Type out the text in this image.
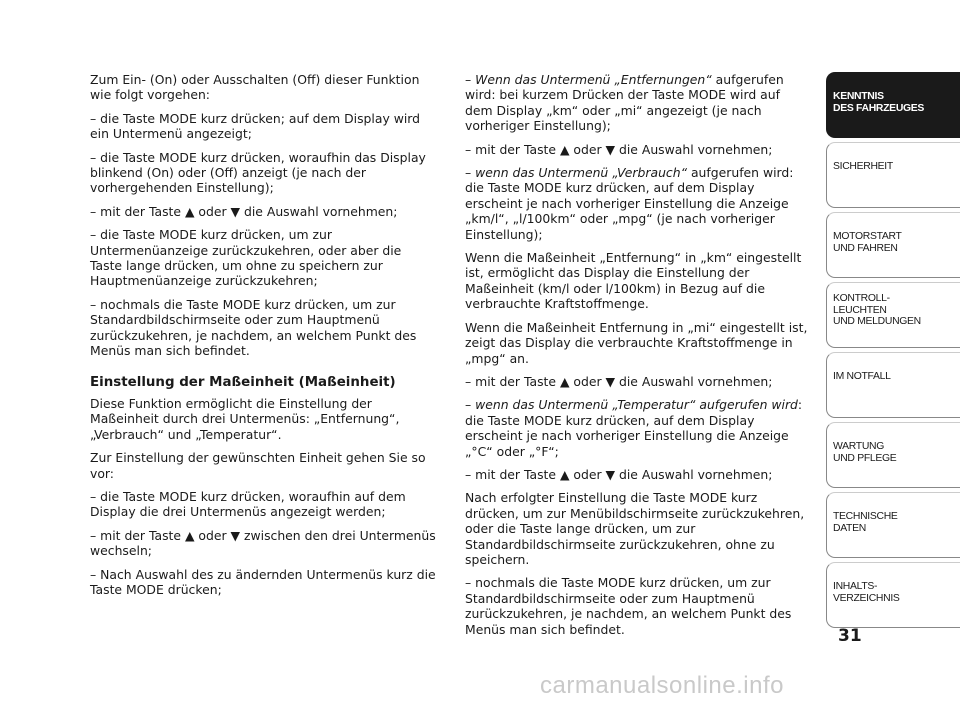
Zum Ein- (On) oder Ausschalten (Off) dieser Funktion wie folgt vorgehen:

– die Taste MODE kurz drücken; auf dem Display wird ein Untermenü angezeigt;

– die Taste MODE kurz drücken, woraufhin das Display blinkend (On) oder (Off) anzeigt (je nach der vorhergehenden Einstellung);

– mit der Taste ▲ oder ▼ die Auswahl vornehmen;

– die Taste MODE kurz drücken, um zur Untermenüanzeige zurückzukehren, oder aber die Taste lange drücken, um ohne zu speichern zur Hauptmenüanzeige zurückzukehren;

– nochmals die Taste MODE kurz drücken, um zur Standardbildschirmseite oder zum Hauptmenü zurückzukehren, je nachdem, an welchem Punkt des Menüs man sich befindet.

Einstellung der Maßeinheit (Maßeinheit)

Diese Funktion ermöglicht die Einstellung der Maßeinheit durch drei Untermenüs: „Entfernung“, „Verbrauch“ und „Temperatur“.

Zur Einstellung der gewünschten Einheit gehen Sie so vor:

– die Taste MODE kurz drücken, woraufhin auf dem Display die drei Untermenüs angezeigt werden;

– mit der Taste ▲ oder ▼ zwischen den drei Untermenüs wechseln;

– Nach Auswahl des zu ändernden Untermenüs kurz die Taste MODE drücken;

– Wenn das Untermenü „Entfernungen“ aufgerufen wird: bei kurzem Drücken der Taste MODE wird auf dem Display „km“ oder „mi“ angezeigt (je nach vorheriger Einstellung);

– mit der Taste ▲ oder ▼ die Auswahl vornehmen;

– wenn das Untermenü „Verbrauch“ aufgerufen wird: die Taste MODE kurz drücken, auf dem Display erscheint je nach vorheriger Einstellung die Anzeige „km/l“, „l/100km“ oder „mpg“ (je nach vorheriger Einstellung);

Wenn die Maßeinheit „Entfernung“ in „km“ eingestellt ist, ermöglicht das Display die Einstellung der Maßeinheit (km/l oder l/100km) in Bezug auf die verbrauchte Kraftstoffmenge.

Wenn die Maßeinheit Entfernung in „mi“ eingestellt ist, zeigt das Display die verbrauchte Kraftstoffmenge in „mpg“ an.

– mit der Taste ▲ oder ▼ die Auswahl vornehmen;

– wenn das Untermenü „Temperatur“ aufgerufen wird: die Taste MODE kurz drücken, auf dem Display erscheint je nach vorheriger Einstellung die Anzeige „°C“ oder „°F“;

– mit der Taste ▲ oder ▼ die Auswahl vornehmen;

Nach erfolgter Einstellung die Taste MODE kurz drücken, um zur Menübildschirmseite zurückzukehren, oder die Taste lange drücken, um zur Standardbildschirmseite zurückzukehren, ohne zu speichern.

– nochmals die Taste MODE kurz drücken, um zur Standardbildschirmseite oder zum Hauptmenü zurückzukehren, je nachdem, an welchem Punkt des Menüs man sich befindet.

KENNTNIS
DES FAHRZEUGES
SICHERHEIT
MOTORSTART
UND FAHREN
KONTROLL-
LEUCHTEN
UND MELDUNGEN
IM NOTFALL
WARTUNG
UND PFLEGE
TECHNISCHE
DATEN
INHALTS-
VERZEICHNIS
31
carmanualsonline.info
